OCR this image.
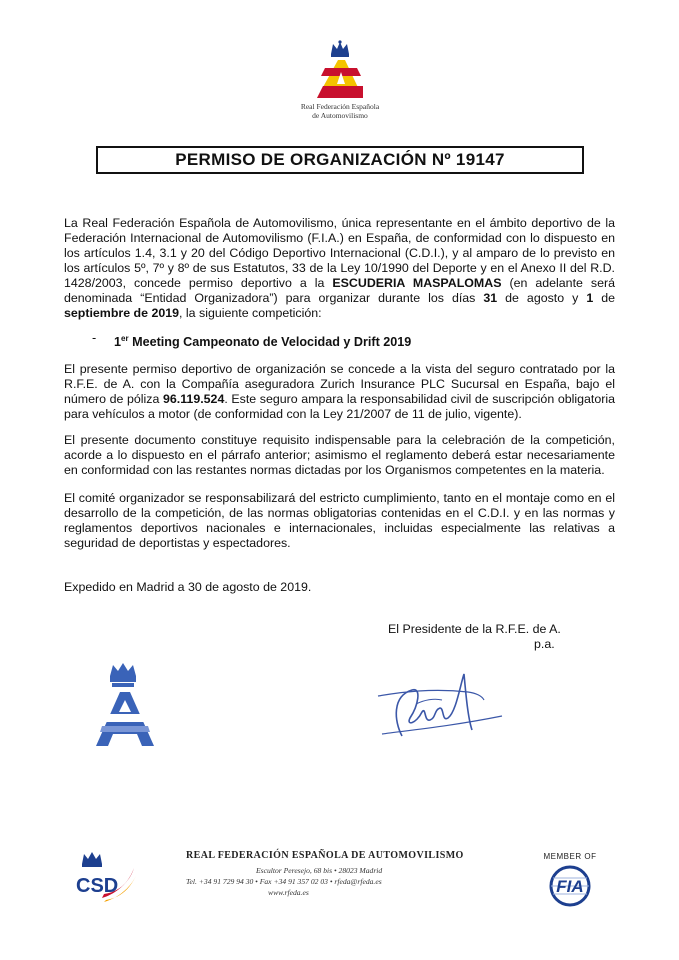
Real Federación Española
de Automovilismo
PERMISO DE ORGANIZACIÓN Nº 19147
La Real Federación Española de Automovilismo, única representante en el ámbito deportivo de la Federación Internacional de Automovilismo (F.I.A.) en España, de conformidad con lo dispuesto en los artículos 1.4, 3.1 y 20 del Código Deportivo Internacional (C.D.I.), y al amparo de lo previsto en los artículos 5º, 7º y 8º de sus Estatutos, 33 de la Ley 10/1990 del Deporte y en el Anexo II del R.D. 1428/2003, concede permiso deportivo a la ESCUDERIA MASPALOMAS (en adelante será denominada “Entidad Organizadora”) para organizar durante los días 31 de agosto y 1 de septiembre de 2019, la siguiente competición:
- 1er Meeting Campeonato de Velocidad y Drift 2019
El presente permiso deportivo de organización se concede a la vista del seguro contratado por la R.F.E. de A. con la Compañía aseguradora Zurich Insurance PLC Sucursal en España, bajo el número de póliza 96.119.524. Este seguro ampara la responsabilidad civil de suscripción obligatoria para vehículos a motor (de conformidad con la Ley 21/2007 de 11 de julio, vigente).
El presente documento constituye requisito indispensable para la celebración de la competición, acorde a lo dispuesto en el párrafo anterior; asimismo el reglamento deberá estar necesariamente en conformidad con las restantes normas dictadas por los Organismos competentes en la materia.
El comité organizador se responsabilizará del estricto cumplimiento, tanto en el montaje como en el desarrollo de la competición, de las normas obligatorias contenidas en el C.D.I. y en las normas y reglamentos deportivos nacionales e internacionales, incluidas especialmente las relativas a seguridad de deportistas y espectadores.
Expedido en Madrid a 30 de agosto de 2019.
El Presidente de la R.F.E. de A.
p.a.
CSD
REAL FEDERACIÓN ESPAÑOLA DE AUTOMOVILISMO
Escultor Peresejo, 68 bis • 28023 Madrid
Tel. +34 91 729 94 30 • Fax +34 91 357 02 03 • rfeda@rfeda.es
www.rfeda.es
MEMBER OF
FIA
